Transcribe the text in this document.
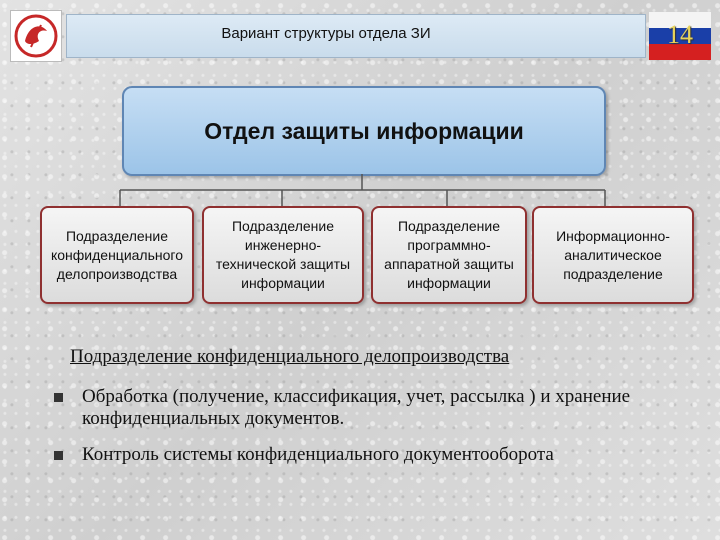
Вариант структуры отдела ЗИ	14
Отдел защиты информации
Подразделение
конфиденциального
делопроизводства
Подразделение
инженерно-
технической защиты
информации
Подразделение
программно-
аппаратной защиты
информации
Информационно-
аналитическое
подразделение
Подразделение конфиденциального делопроизводства
Обработка (получение, классификация, учет, рассылка ) и хранение конфиденциальных документов.
Контроль системы конфиденциального документооборота
